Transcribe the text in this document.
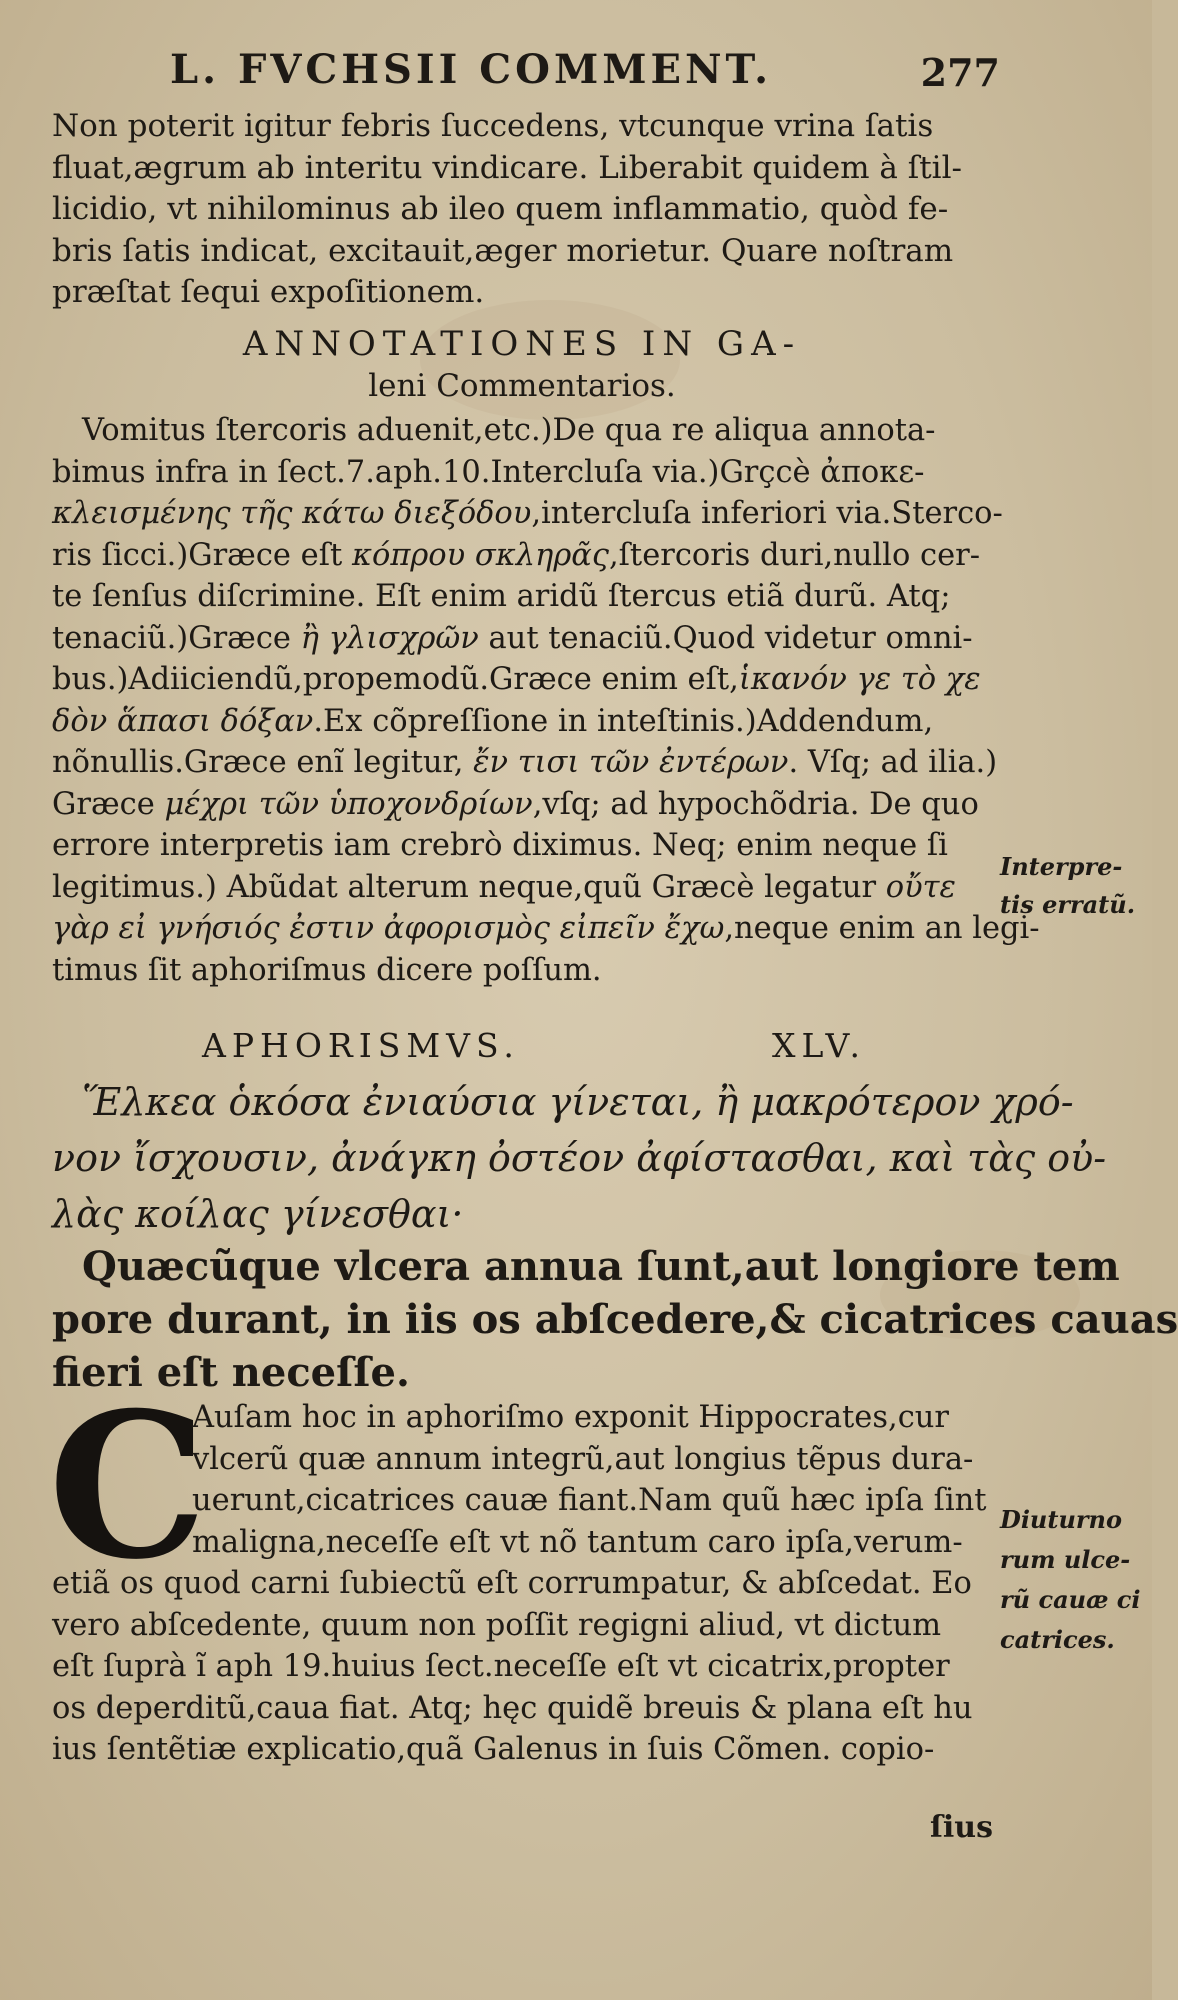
L. FVCHSII COMMENT.	277
Non poterit igitur febris ſuccedens, vtcunque vrina ſatis
fluat,ægrum ab interitu vindicare. Liberabit quidem à ſtil-
licidio, vt nihilominus ab ileo quem inflammatio, quòd fe-
bris ſatis indicat, excitauit,æger morietur. Quare noſtram
præſtat ſequi expoſitionem.
ANNOTATIONES IN GA-
leni Commentarios.
Vomitus ſtercoris aduenit,etc.)De qua re aliqua annota-
bimus infra in ſect.7.aph.10.Intercluſa via.)Grçcè ἀποκε-
κλεισμένης τῆς κάτω διεξόδου,intercluſa inferiori via.Sterco-
ris ſicci.)Græce eſt κόπρου σκληρᾶς,ſtercoris duri,nullo cer-
te ſenſus diſcrimine. Eſt enim aridũ ſtercus etiã durũ. Atq;
tenaciũ.)Græce ἢ γλισχρῶν aut tenaciũ.Quod videtur omni-
bus.)Adiiciendũ,propemodũ.Græce enim eſt,ἱκανόν γε τὸ χε
δὸν ἅπασι δόξαν.Ex cõpreſſione in inteſtinis.)Addendum,
nõnullis.Græce enĩ legitur, ἔν τισι τῶν ἐντέρων. Vſq; ad ilia.)
Græce μέχρι τῶν ὑποχονδρίων,vſq; ad hypochõdria. De quo
errore interpretis iam crebrò diximus. Neq; enim neque ſi
legitimus.) Abũdat alterum neque,quũ Græcè legatur οὔτε
γὰρ εἰ γνήσιός ἐστιν ἀφορισμὸς εἰπεῖν ἔχω,neque enim an legi-
timus ſit aphoriſmus dicere poſſum.
Interpre-
tis erratũ.
APHORISMVS.	XLV.
Ἕλκεα ὁκόσα ἐνιαύσια γίνεται, ἢ μακρότερον χρό-
νον ἴσχουσιν, ἀνάγκη ὀστέον ἀφίστασθαι, καὶ τὰς οὐ-
λὰς κοίλας γίνεσθαι·
Quæcũque vlcera annua ſunt,aut longiore tem
pore durant, in iis os abſcedere,& cicatrices cauas
fieri eſt neceſſe.
C
Auſam hoc in aphoriſmo exponit Hippocrates,cur
vlcerũ quæ annum integrũ,aut longius tẽpus dura-
uerunt,cicatrices cauæ fiant.Nam quũ hæc ipſa ſint
maligna,neceſſe eſt vt nõ tantum caro ipſa,verum-
etiã os quod carni ſubiectũ eſt corrumpatur, & abſcedat. Eo
vero abſcedente, quum non poſſit regigni aliud, vt dictum
eſt ſuprà ĩ aph 19.huius ſect.neceſſe eſt vt cicatrix,propter
os deperditũ,caua fiat. Atq; hęc quidẽ breuis & plana eſt hu
ius ſentẽtiæ explicatio,quã Galenus in ſuis Cõmen. copio-
Diuturno
rum ulce-
rũ cauæ ci
catrices.
ſius
